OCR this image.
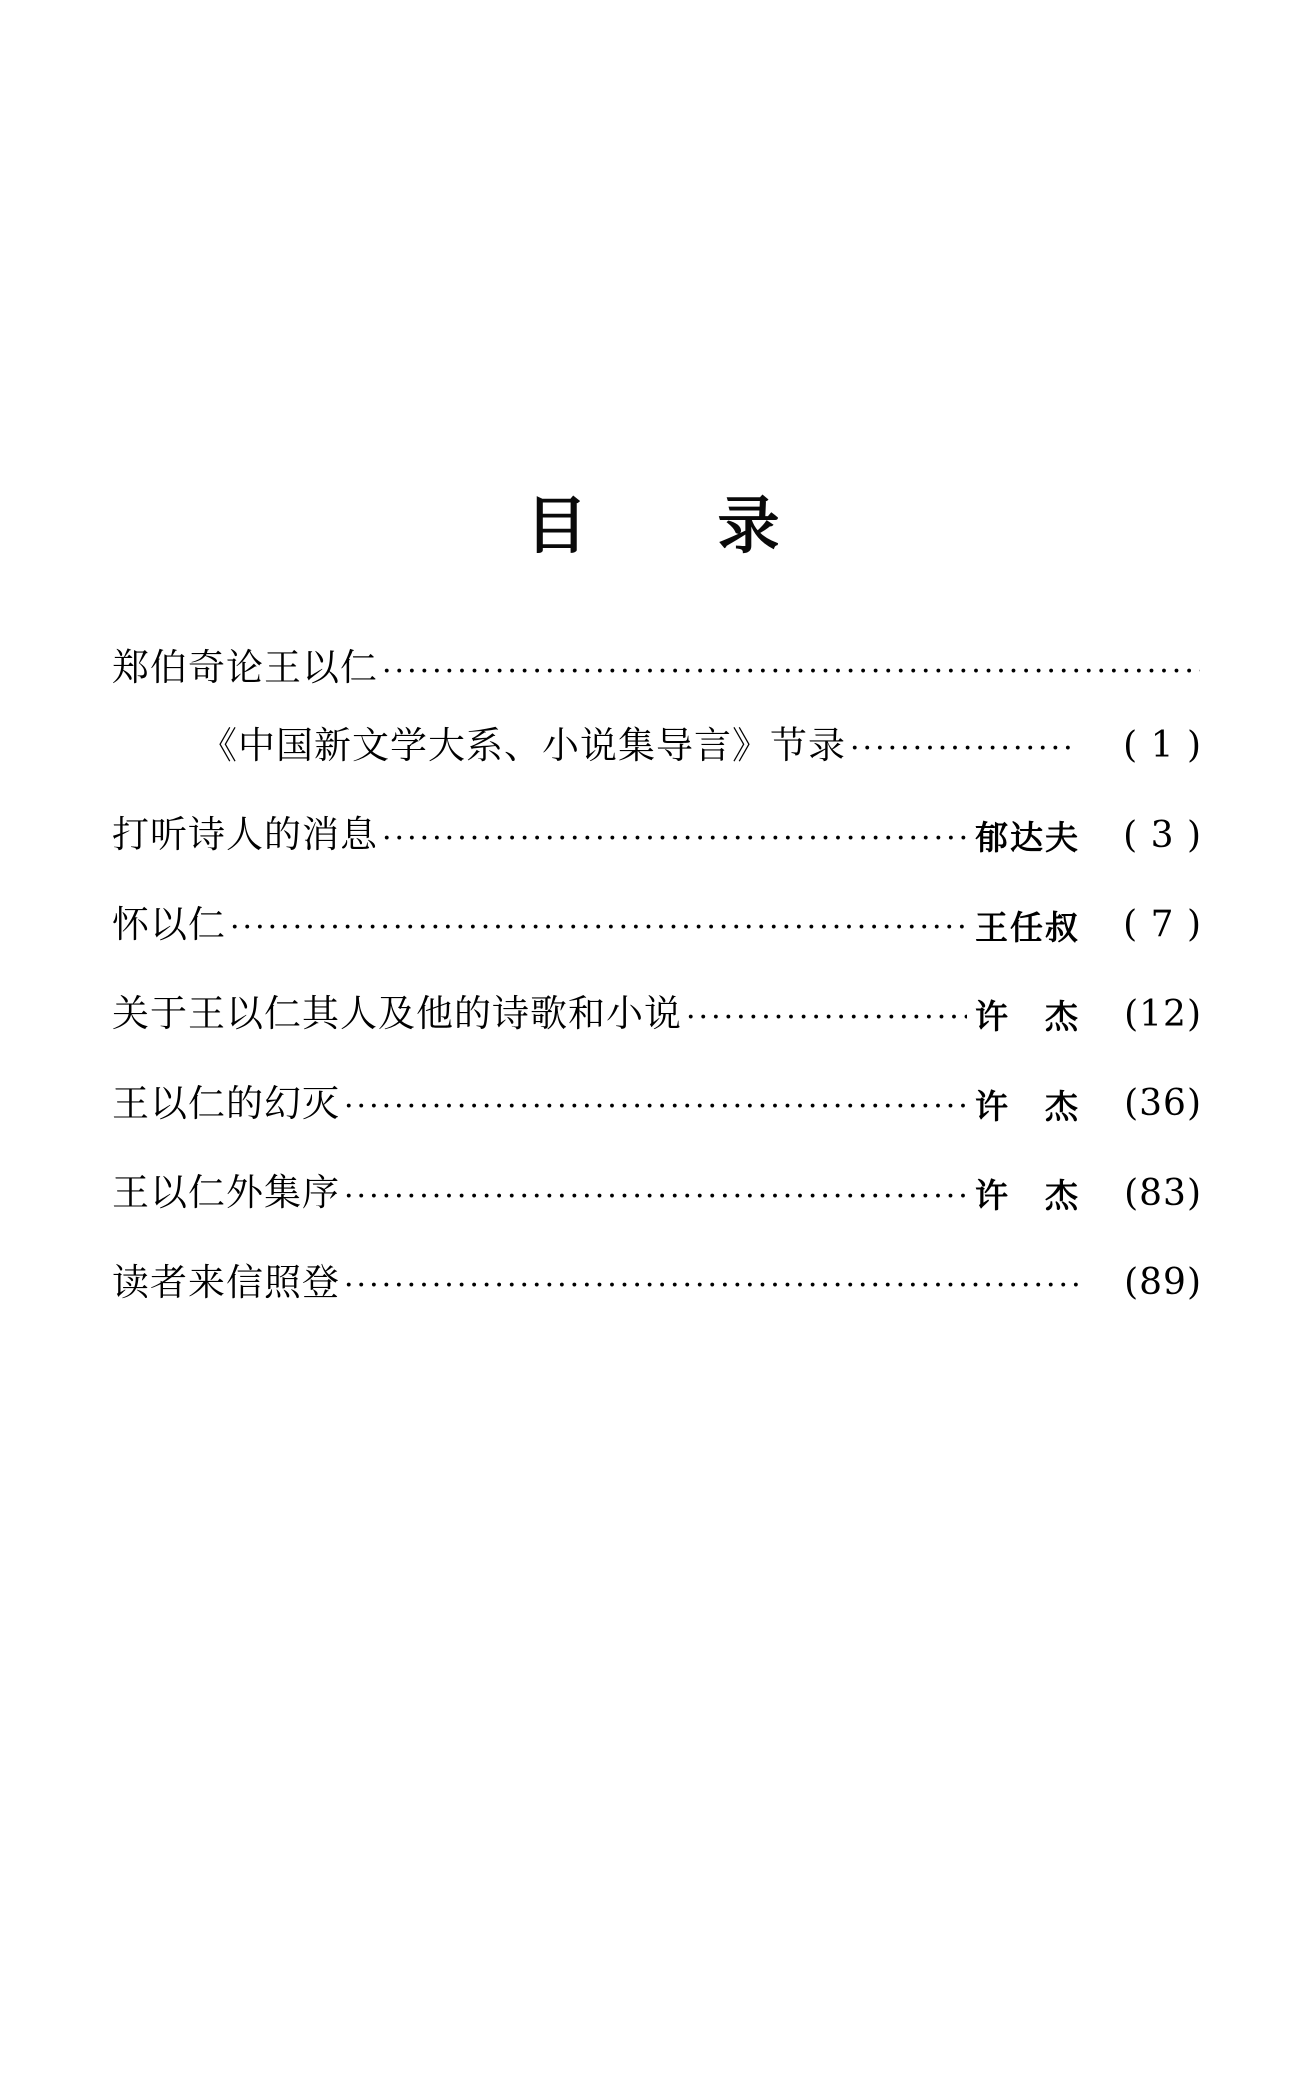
目　录
郑伯奇论王以仁
·····
《中国新文学大系、小说集导言》节录 ·····	( 1 )
打听诗人的消息 ·····	郁达夫	( 3 )
怀以仁 ·····	王任叔	( 7 )
关于王以仁其人及他的诗歌和小说 ·····	许　杰	(12)
王以仁的幻灭 ·····	许　杰	(36)
王以仁外集序 ·····	许　杰	(83)
读者来信照登 ·····	(89)
